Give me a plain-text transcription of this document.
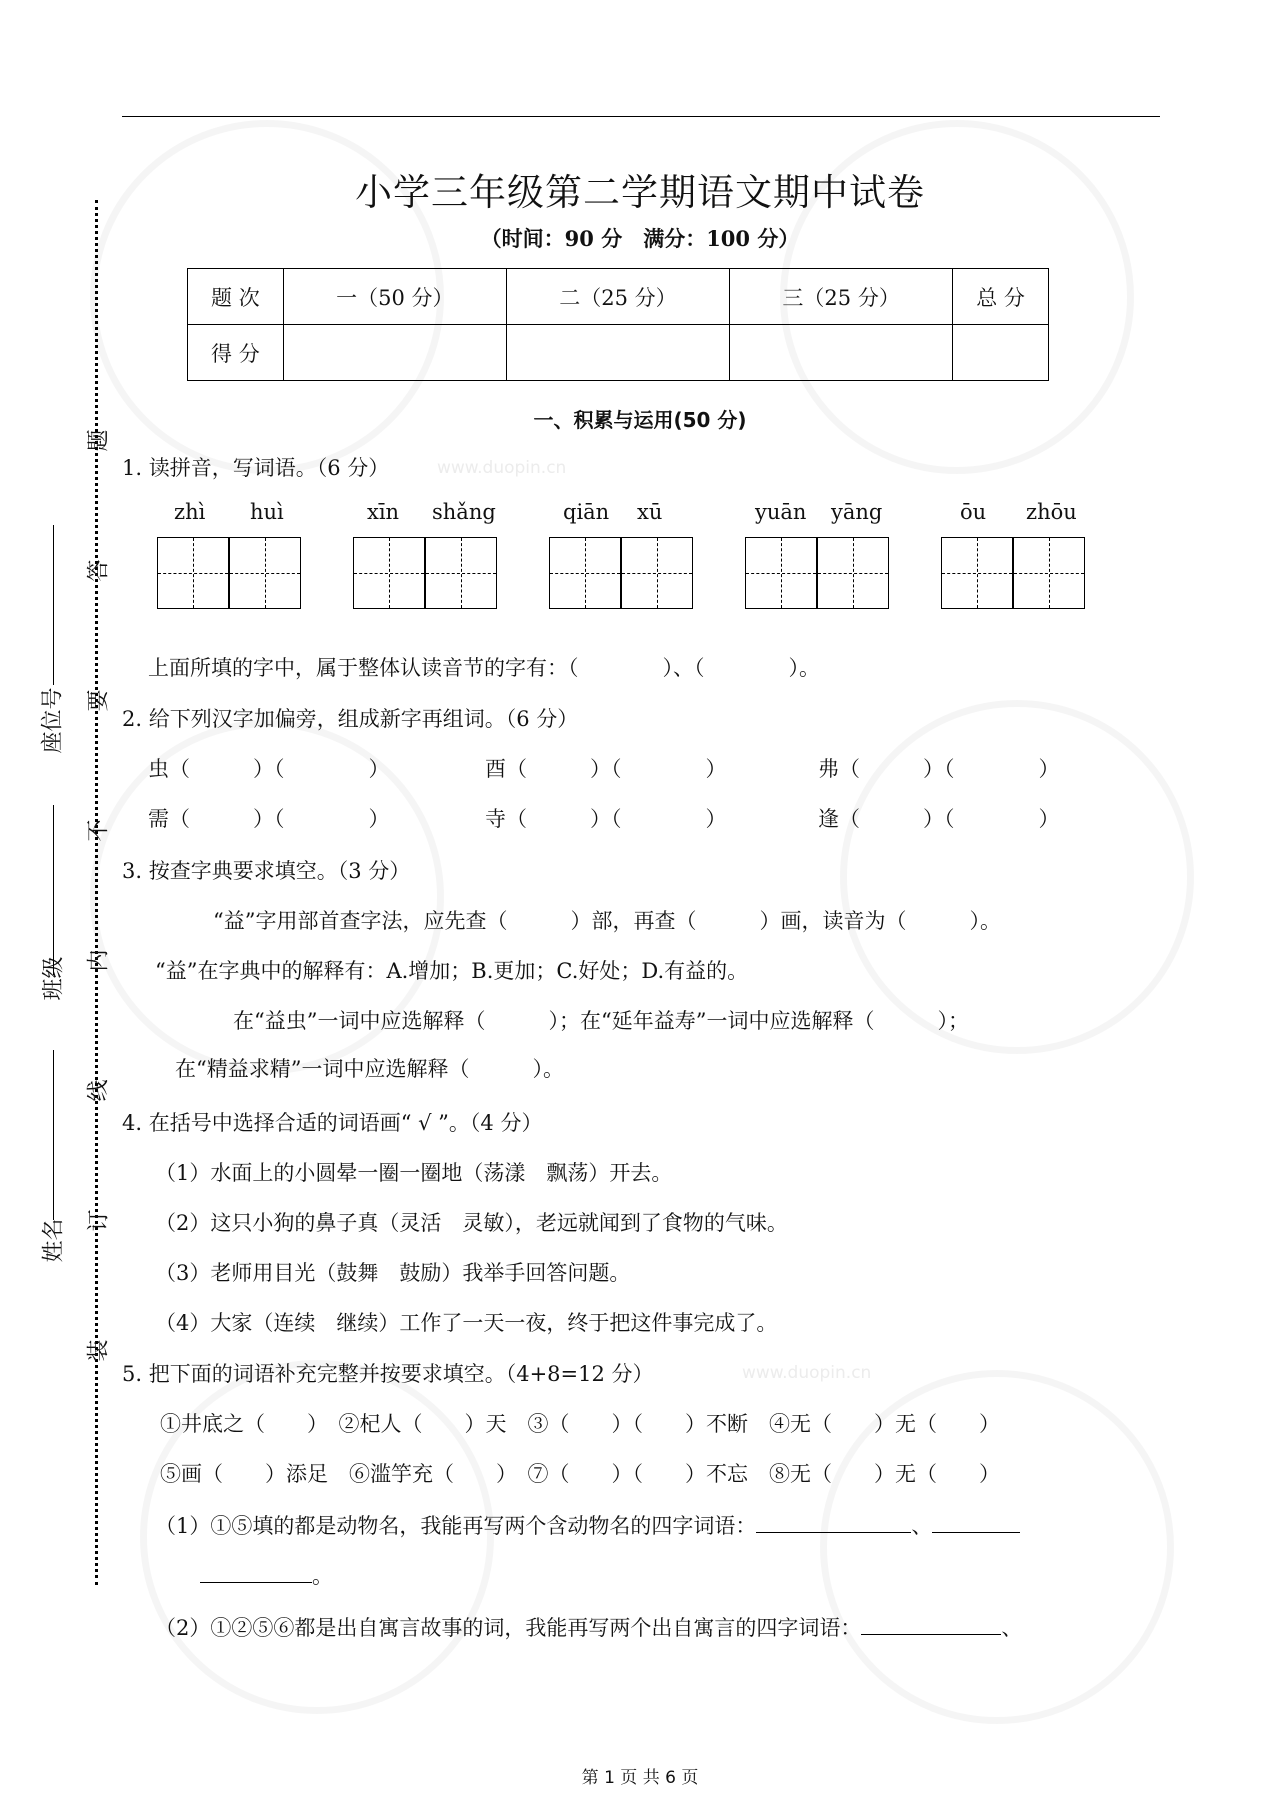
题
答
要
不
内
线
订
装
座位号
班级
姓名
小学三年级第二学期语文期中试卷
（时间：90 分　满分：100 分）
题 次	一（50 分）	二（25 分）	三（25 分）	总 分
得 分				
一、积累与运用(50 分)
1. 读拼音，写词语。（6 分）	www.duopin.cn
zhì huì	xīn shǎng	qiān xū	yuān yāng	ōu zhōu
上面所填的字中，属于整体认读音节的字有：（　　　　）、（　　　　）。
2. 给下列汉字加偏旁，组成新字再组词。（6 分）
虫（　　　）（　　　　）	酉（　　　）（　　　　）	弗（　　　）（　　　　）
需（　　　）（　　　　）	寺（　　　）（　　　　）	逢（　　　）（　　　　）
3. 按查字典要求填空。（3 分）
“益”字用部首查字法，应先查（　　　）部，再查（　　　）画，读音为（　　　）。
“益”在字典中的解释有：A.增加；B.更加；C.好处；D.有益的。
在“益虫”一词中应选解释（　　　）；在“延年益寿”一词中应选解释（　　　）；
在“精益求精”一词中应选解释（　　　）。
4. 在括号中选择合适的词语画“ √ ”。（4 分）
（1）水面上的小圆晕一圈一圈地（荡漾　飘荡）开去。
（2）这只小狗的鼻子真（灵活　灵敏），老远就闻到了食物的气味。
（3）老师用目光（鼓舞　鼓励）我举手回答问题。
（4）大家（连续　继续）工作了一天一夜，终于把这件事完成了。
5. 把下面的词语补充完整并按要求填空。（4+8=12 分）	www.duopin.cn
①井底之（　　）　②杞人（　　）天　③（　　）（　　）不断　④无（　　）无（　　）
⑤画（　　）添足　⑥滥竽充（　　）　⑦（　　）（　　）不忘　⑧无（　　）无（　　）
（1）①⑤填的都是动物名，我能再写两个含动物名的四字词语：	、
。
（2）①②⑤⑥都是出自寓言故事的词，我能再写两个出自寓言的四字词语：	、
第 1 页 共 6 页
